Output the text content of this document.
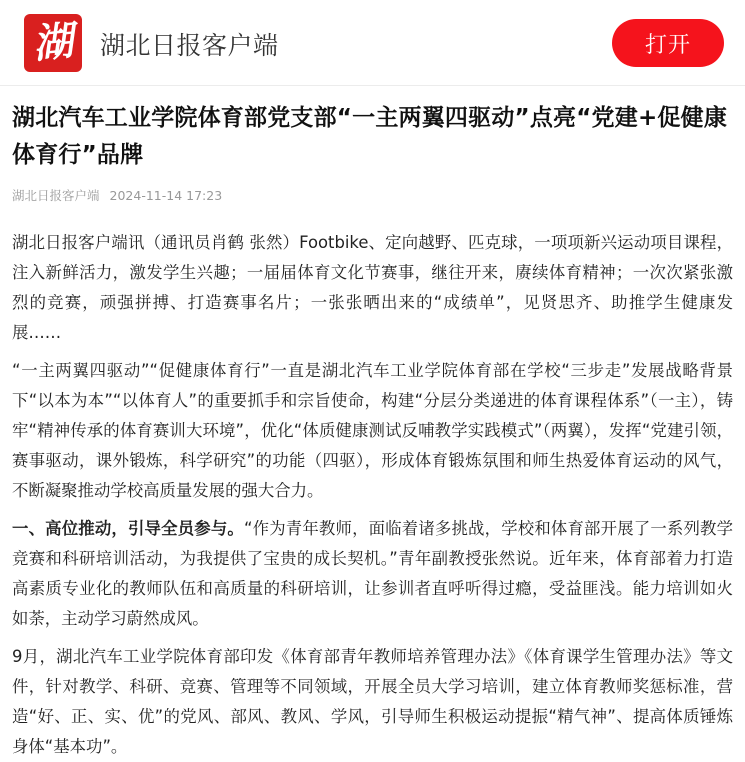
湖 湖北日报客户端	打开
湖北汽车工业学院体育部党支部“一主两翼四驱动”点亮“党建+促健康体育行”品牌
湖北日报客户端 2024-11-14 17:23

湖北日报客户端讯（通讯员肖鹤 张然）Footbike、定向越野、匹克球，一项项新兴运动项目课程，注入新鲜活力，激发学生兴趣；一届届体育文化节赛事，继往开来，赓续体育精神；一次次紧张激烈的竞赛，顽强拼搏、打造赛事名片；一张张晒出来的“成绩单”，见贤思齐、助推学生健康发展……

“一主两翼四驱动”“促健康体育行”一直是湖北汽车工业学院体育部在学校“三步走”发展战略背景下“以本为本”“以体育人”的重要抓手和宗旨使命，构建“分层分类递进的体育课程体系”（一主），铸牢“精神传承的体育赛训大环境”，优化“体质健康测试反哺教学实践模式”（两翼），发挥“党建引领，赛事驱动，课外锻炼，科学研究”的功能（四驱），形成体育锻炼氛围和师生热爱体育运动的风气，不断凝聚推动学校高质量发展的强大合力。

一、高位推动，引导全员参与。“作为青年教师，面临着诸多挑战，学校和体育部开展了一系列教学竞赛和科研培训活动，为我提供了宝贵的成长契机。”青年副教授张然说。近年来，体育部着力打造高素质专业化的教师队伍和高质量的科研培训，让参训者直呼听得过瘾，受益匪浅。能力培训如火如荼，主动学习蔚然成风。

9月，湖北汽车工业学院体育部印发《体育部青年教师培养管理办法》《体育课学生管理办法》等文件，针对教学、科研、竞赛、管理等不同领域，开展全员大学习培训，建立体育教师奖惩标准，营造“好、正、实、优”的党风、部风、教风、学风，引导师生积极运动提振“精气神”、提高体质锤炼身体“基本功”。
